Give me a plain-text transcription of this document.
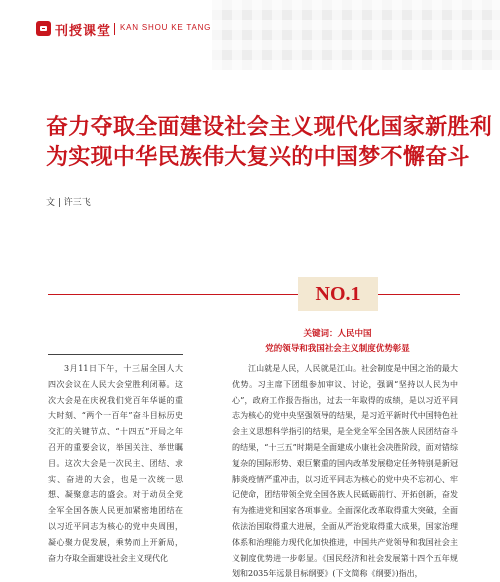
刊授课堂 KAN SHOU KE TANG
奋力夺取全面建设社会主义现代化国家新胜利
为实现中华民族伟大复兴的中国梦不懈奋斗
文 | 许三飞
NO.1
关键词：人民中国
党的领导和我国社会主义制度优势彰显

3月11日下午，十三届全国人大四次会议在人民大会堂胜利闭幕。这次大会是在庆祝我们党百年华诞的重大时刻、“两个一百年”奋斗目标历史交汇的关键节点、“十四五”开局之年召开的重要会议，举国关注、举世瞩目。这次大会是一次民主、团结、求实、奋进的大会，也是一次统一思想、凝聚意志的盛会。对于动员全党全军全国各族人民更加紧密地团结在以习近平同志为核心的党中央周围，凝心聚力促发展，乘势而上开新局，奋力夺取全面建设社会主义现代化

江山就是人民，人民就是江山。社会制度是中国之治的最大优势。习主席下团组参加审议、讨论，强调“坚持以人民为中心”，政府工作报告指出，过去一年取得的成绩，是以习近平同志为核心的党中央坚强领导的结果，是习近平新时代中国特色社会主义思想科学指引的结果，是全党全军全国各族人民团结奋斗的结果，“十三五”时期是全面建成小康社会决胜阶段，面对错综复杂的国际形势、艰巨繁重的国内改革发展稳定任务特别是新冠肺炎疫情严重冲击，以习近平同志为核心的党中央不忘初心、牢记使命，团结带领全党全国各族人民砥砺前行、开拓创新，奋发有为推进党和国家各项事业。全面深化改革取得重大突破，全面依法治国取得重大进展，全面从严治党取得重大成果，国家治理体系和治理能力现代化加快推进，中国共产党领导和我国社会主义制度优势进一步彰显。《国民经济和社会发展第十四个五年规划和2035年远景目标纲要》(下文简称《纲要》)指出，
